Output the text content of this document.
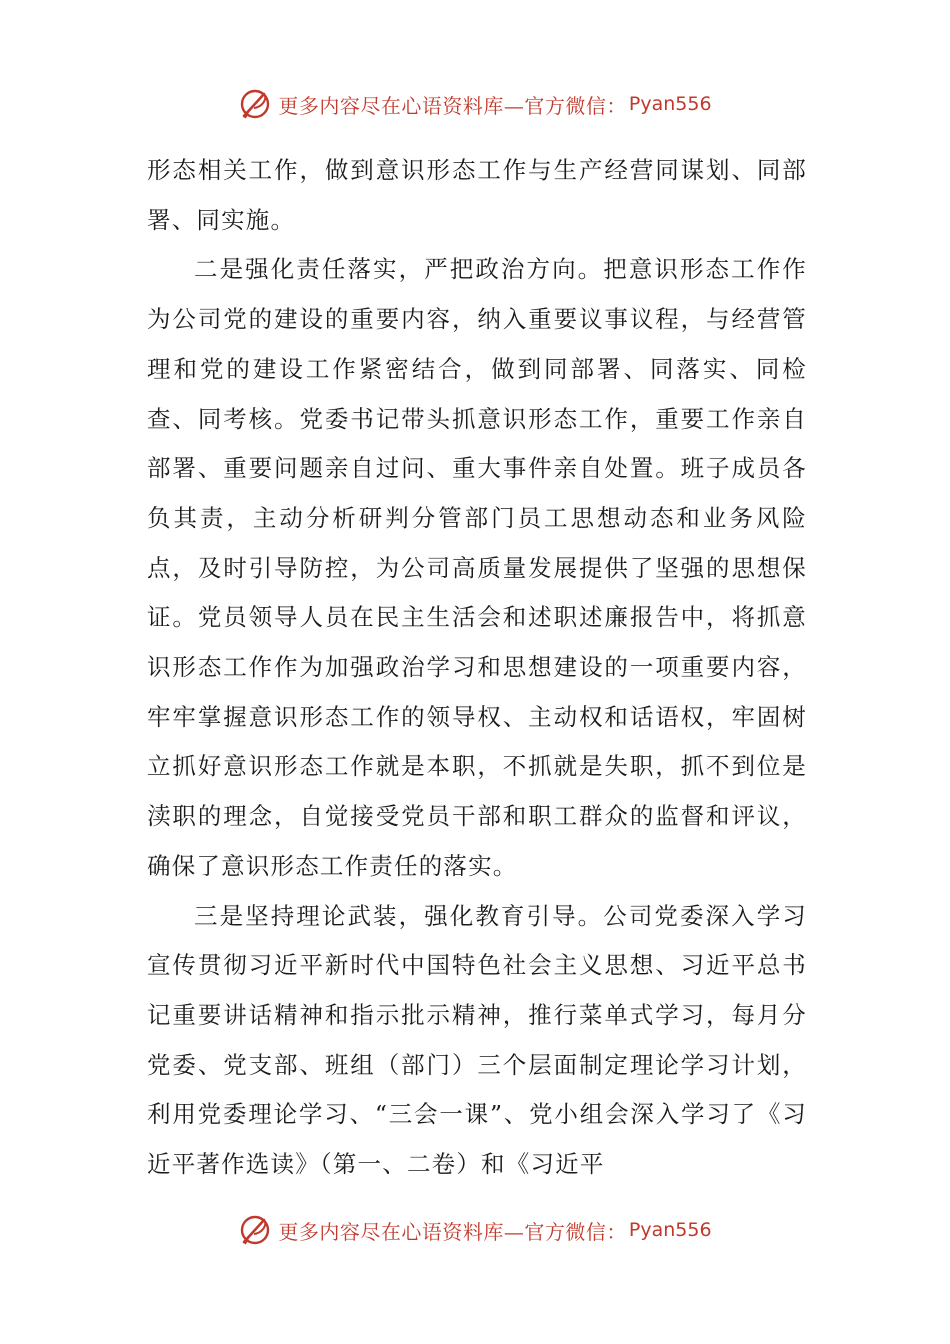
更多内容尽在心语资料库—官方微信： Pyan556

形态相关工作，做到意识形态工作与生产经营同谋划、同部署、同实施。

二是强化责任落实，严把政治方向。把意识形态工作作为公司党的建设的重要内容，纳入重要议事议程，与经营管理和党的建设工作紧密结合，做到同部署、同落实、同检查、同考核。党委书记带头抓意识形态工作，重要工作亲自部署、重要问题亲自过问、重大事件亲自处置。班子成员各负其责，主动分析研判分管部门员工思想动态和业务风险点，及时引导防控，为公司高质量发展提供了坚强的思想保证。党员领导人员在民主生活会和述职述廉报告中，将抓意识形态工作作为加强政治学习和思想建设的一项重要内容，牢牢掌握意识形态工作的领导权、主动权和话语权，牢固树立抓好意识形态工作就是本职，不抓就是失职，抓不到位是渎职的理念，自觉接受党员干部和职工群众的监督和评议，确保了意识形态工作责任的落实。

三是坚持理论武装，强化教育引导。公司党委深入学习宣传贯彻习近平新时代中国特色社会主义思想、习近平总书记重要讲话精神和指示批示精神，推行菜单式学习，每月分党委、党支部、班组（部门）三个层面制定理论学习计划，利用党委理论学习、“三会一课”、党小组会深入学习了《习近平著作选读》（第一、二卷）和《习近平

更多内容尽在心语资料库—官方微信： Pyan556
